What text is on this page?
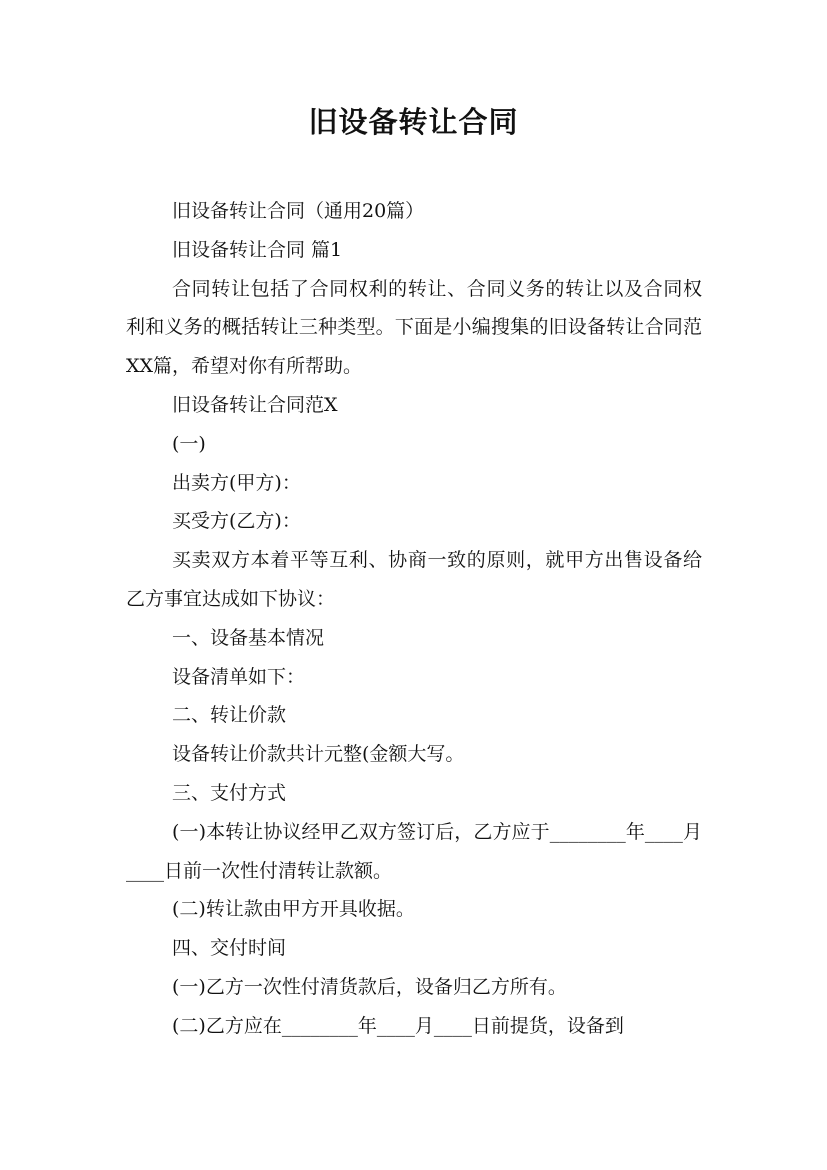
旧设备转让合同

旧设备转让合同（通用20篇）

旧设备转让合同 篇1

合同转让包括了合同权利的转让、合同义务的转让以及合同权利和义务的概括转让三种类型。下面是小编搜集的旧设备转让合同范XX篇，希望对你有所帮助。

旧设备转让合同范X

(一)

出卖方(甲方)：

买受方(乙方)：

买卖双方本着平等互利、协商一致的原则，就甲方出售设备给乙方事宜达成如下协议：

一、设备基本情况

设备清单如下：

二、转让价款

设备转让价款共计元整(金额大写。

三、支付方式

(一)本转让协议经甲乙双方签订后，乙方应于________年____月____日前一次性付清转让款额。

(二)转让款由甲方开具收据。

四、交付时间

(一)乙方一次性付清货款后，设备归乙方所有。

(二)乙方应在________年____月____日前提货，设备到
